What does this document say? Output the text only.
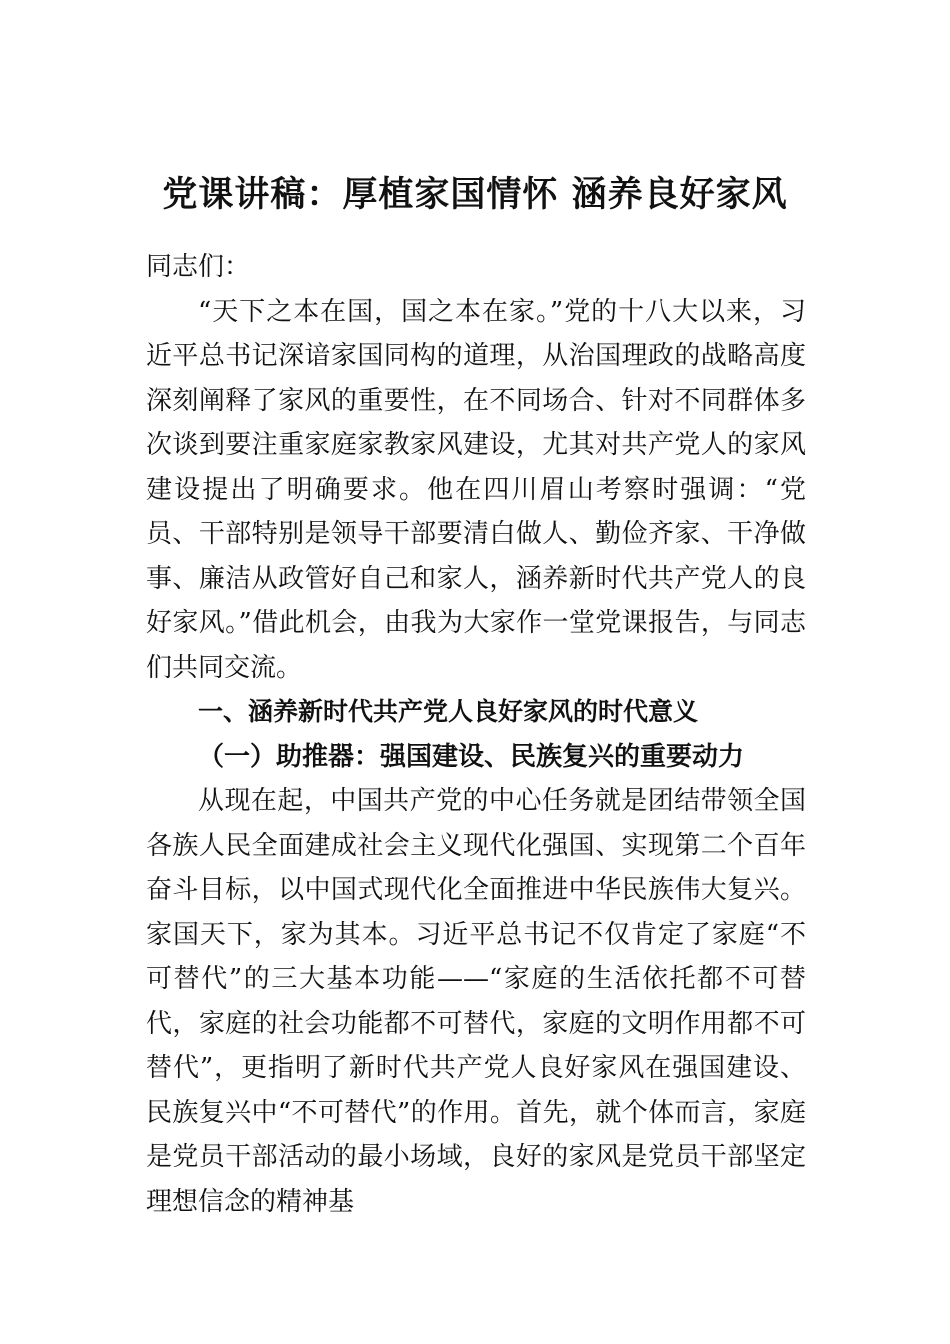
党课讲稿：厚植家国情怀 涵养良好家风

同志们：

“天下之本在国，国之本在家。”党的十八大以来，习近平总书记深谙家国同构的道理，从治国理政的战略高度深刻阐释了家风的重要性，在不同场合、针对不同群体多次谈到要注重家庭家教家风建设，尤其对共产党人的家风建设提出了明确要求。他在四川眉山考察时强调：“党员、干部特别是领导干部要清白做人、勤俭齐家、干净做事、廉洁从政管好自己和家人，涵养新时代共产党人的良好家风。”借此机会，由我为大家作一堂党课报告，与同志们共同交流。

一、涵养新时代共产党人良好家风的时代意义

（一）助推器：强国建设、民族复兴的重要动力

从现在起，中国共产党的中心任务就是团结带领全国各族人民全面建成社会主义现代化强国、实现第二个百年奋斗目标，以中国式现代化全面推进中华民族伟大复兴。家国天下，家为其本。习近平总书记不仅肯定了家庭“不可替代”的三大基本功能——“家庭的生活依托都不可替代，家庭的社会功能都不可替代，家庭的文明作用都不可替代”，更指明了新时代共产党人良好家风在强国建设、民族复兴中“不可替代”的作用。首先，就个体而言，家庭是党员干部活动的最小场域，良好的家风是党员干部坚定理想信念的精神基
